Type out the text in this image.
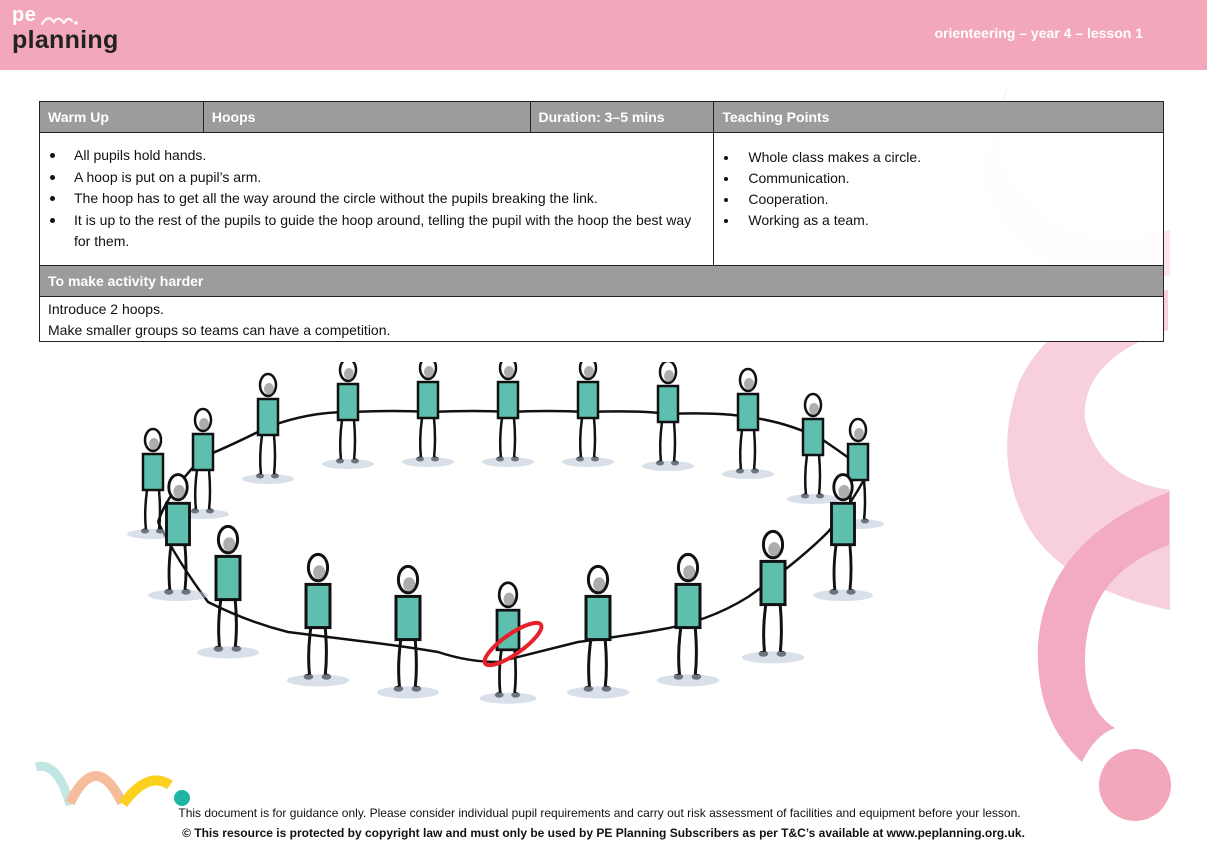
pe
planning	orienteering – year 4 – lesson 1
Warm Up	Hoops	Duration: 3–5 mins	Teaching Points

All pupils hold hands.
A hoop is put on a pupil’s arm.
The hoop has to get all the way around the circle without the pupils breaking the link.
It is up to the rest of the pupils to guide the hoop around, telling the pupil with the hoop the best way for them.

Whole class makes a circle.
Communication.
Cooperation.
Working as a team.

To make activity harder			

Introduce 2 hoops.
Make smaller groups so teams can have a competition.			
This document is for guidance only. Please consider individual pupil requirements and carry out risk assessment of facilities and equipment before your lesson.
© This resource is protected by copyright law and must only be used by PE Planning Subscribers as per T&C’s available at www.peplanning.org.uk.
